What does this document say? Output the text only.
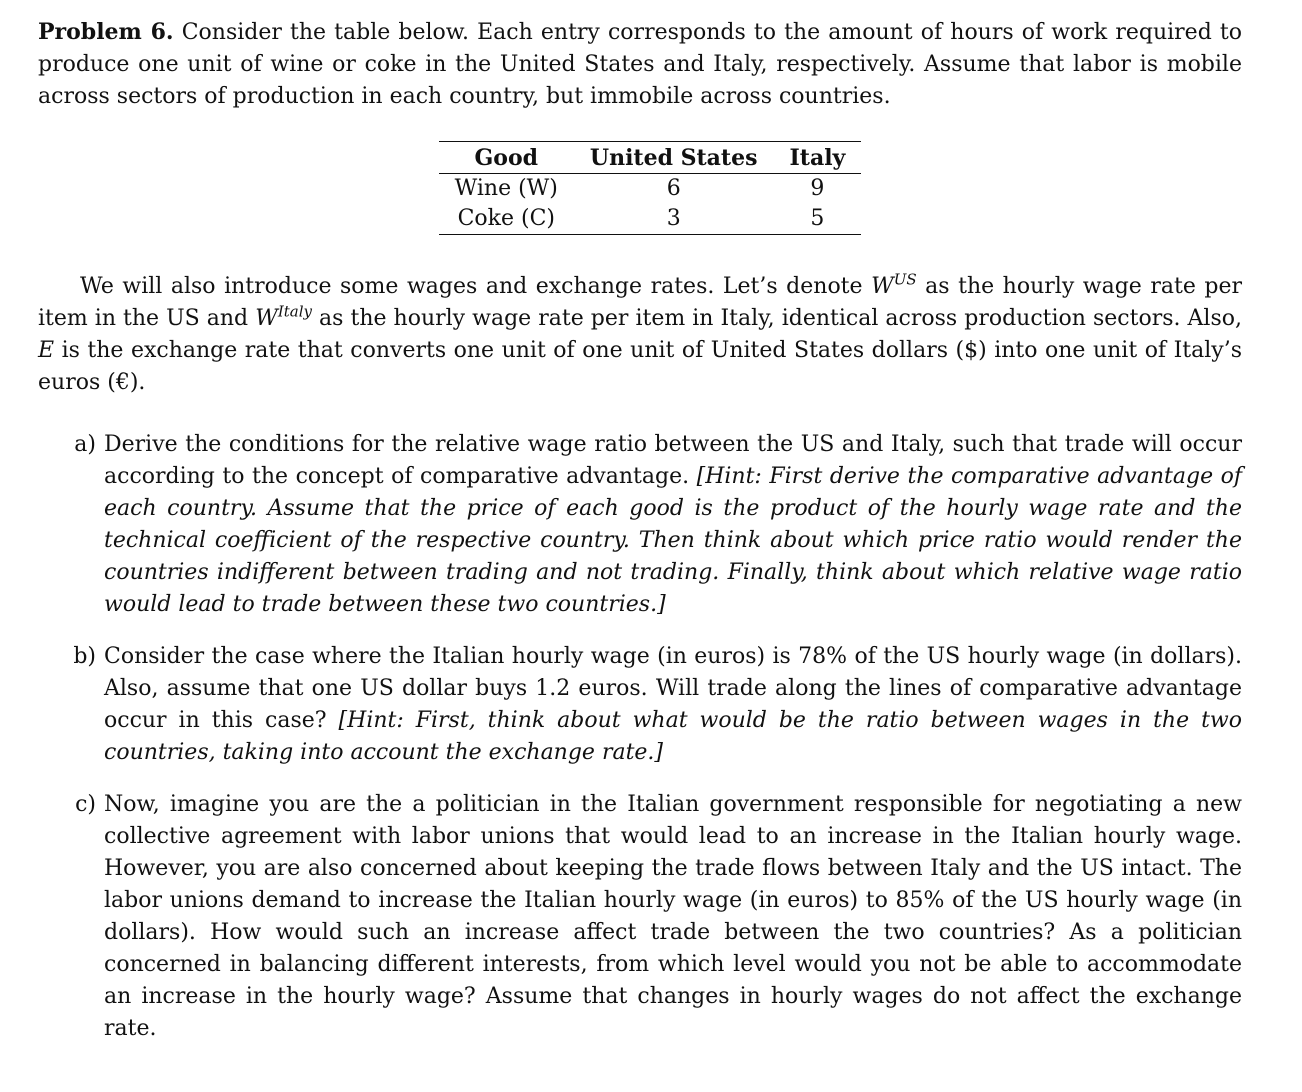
Problem 6. Consider the table below. Each entry corresponds to the amount of hours of work required to produce one unit of wine or coke in the United States and Italy, respectively. Assume that labor is mobile across sectors of production in each country, but immobile across countries.

Good	United States	Italy
Wine (W)	6	9
Coke (C)	3	5

We will also introduce some wages and exchange rates. Let’s denote $W^{US}$ as the hourly wage rate per item in the US and $W^{Italy}$ as the hourly wage rate per item in Italy, identical across production sectors. Also, E is the exchange rate that converts one unit of one unit of United States dollars ($) into one unit of Italy’s euros (€).

a) Derive the conditions for the relative wage ratio between the US and Italy, such that trade will occur according to the concept of comparative advantage. [Hint: First derive the comparative advantage of each country. Assume that the price of each good is the product of the hourly wage rate and the technical coefficient of the respective country. Then think about which price ratio would render the countries indifferent between trading and not trading. Finally, think about which relative wage ratio would lead to trade between these two countries.]
b) Consider the case where the Italian hourly wage (in euros) is 78% of the US hourly wage (in dollars). Also, assume that one US dollar buys 1.2 euros. Will trade along the lines of comparative advantage occur in this case? [Hint: First, think about what would be the ratio between wages in the two countries, taking into account the exchange rate.]
c) Now, imagine you are the a politician in the Italian government responsible for negotiating a new collective agreement with labor unions that would lead to an increase in the Italian hourly wage. However, you are also concerned about keeping the trade flows between Italy and the US intact. The labor unions demand to increase the Italian hourly wage (in euros) to 85% of the US hourly wage (in dollars). How would such an increase affect trade between the two countries? As a politician concerned in balancing different interests, from which level would you not be able to accommodate an increase in the hourly wage? Assume that changes in hourly wages do not affect the exchange rate.
